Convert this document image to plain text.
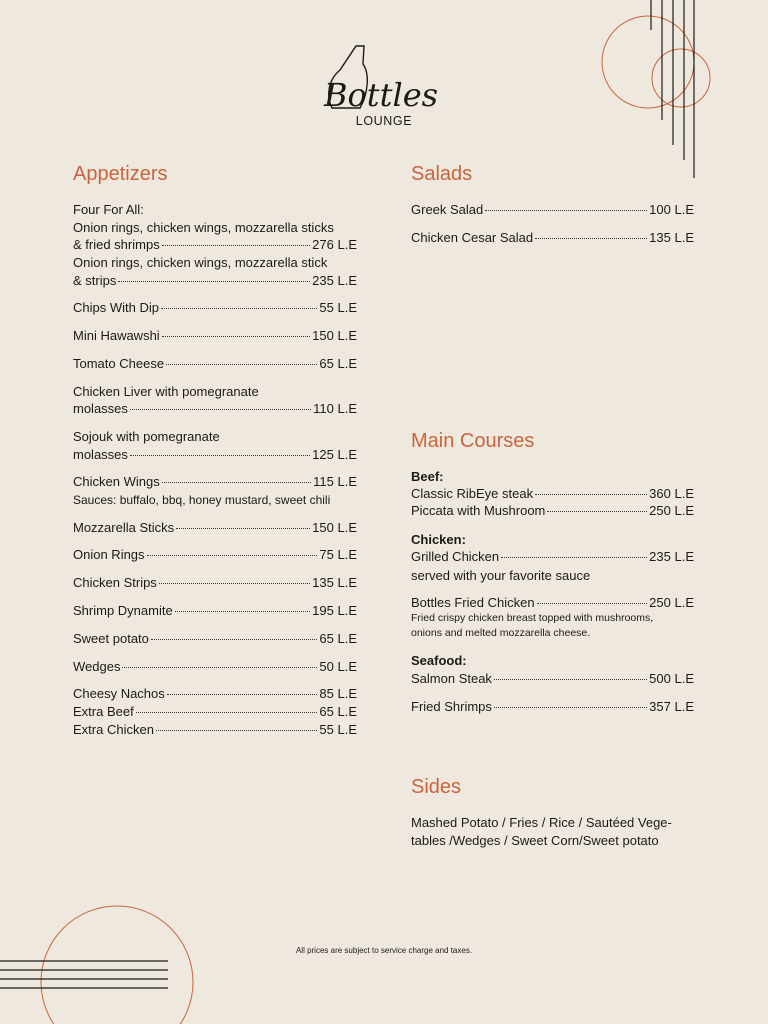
Bottles
LOUNGE
Appetizers
Four For All:
Onion rings, chicken wings, mozzarella sticks
& fried shrimps	276 L.E
Onion rings, chicken wings, mozzarella stick
& strips	235 L.E
Chips With Dip	55 L.E
Mini Hawawshi	150 L.E
Tomato Cheese	65 L.E
Chicken Liver with pomegranate
molasses	110 L.E
Sojouk with pomegranate
molasses	125 L.E
Chicken Wings	115 L.E
Sauces: buffalo, bbq, honey mustard, sweet chili
Mozzarella Sticks	150 L.E
Onion Rings	75 L.E
Chicken Strips	135 L.E
Shrimp Dynamite	195 L.E
Sweet potato	65 L.E
Wedges	50 L.E
Cheesy Nachos	85 L.E
Extra Beef	65 L.E
Extra Chicken	55 L.E
Salads
Greek Salad	100 L.E
Chicken Cesar Salad	135 L.E
Main Courses
Beef:
Classic RibEye steak	360 L.E
Piccata with Mushroom	250 L.E
Chicken:
Grilled Chicken	235 L.E
served with your favorite sauce
Bottles Fried Chicken	250 L.E
Fried crispy chicken breast topped with mushrooms,
onions and melted mozzarella cheese.
Seafood:
Salmon Steak	500 L.E
Fried Shrimps	357 L.E
Sides
Mashed Potato / Fries / Rice / Sautéed Vege-
tables /Wedges / Sweet Corn/Sweet potato
All prices are subject to service charge and taxes.
